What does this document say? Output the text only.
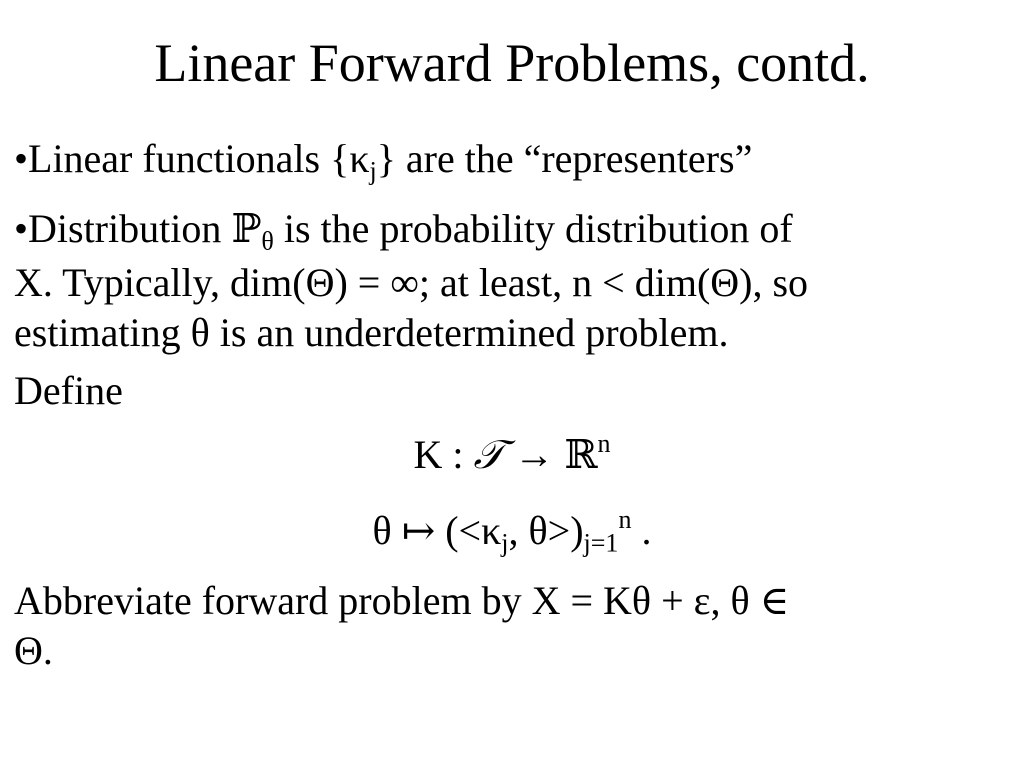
Linear Forward Problems, contd.
•Linear functionals $\{\kappa_j\}$ are the “representers”
•Distribution ℙ$_\theta$ is the probability distribution of
X. Typically, dim(Θ) = ∞; at least, n < dim(Θ), so
estimating θ is an underdetermined problem.
Define
K : 𝒯 → ℝ$^n$
θ ↦ ($<\kappa_j$, $\theta>)_{j=1}^n$ .
Abbreviate forward problem by X = Kθ + ε, θ ∈
Θ.
